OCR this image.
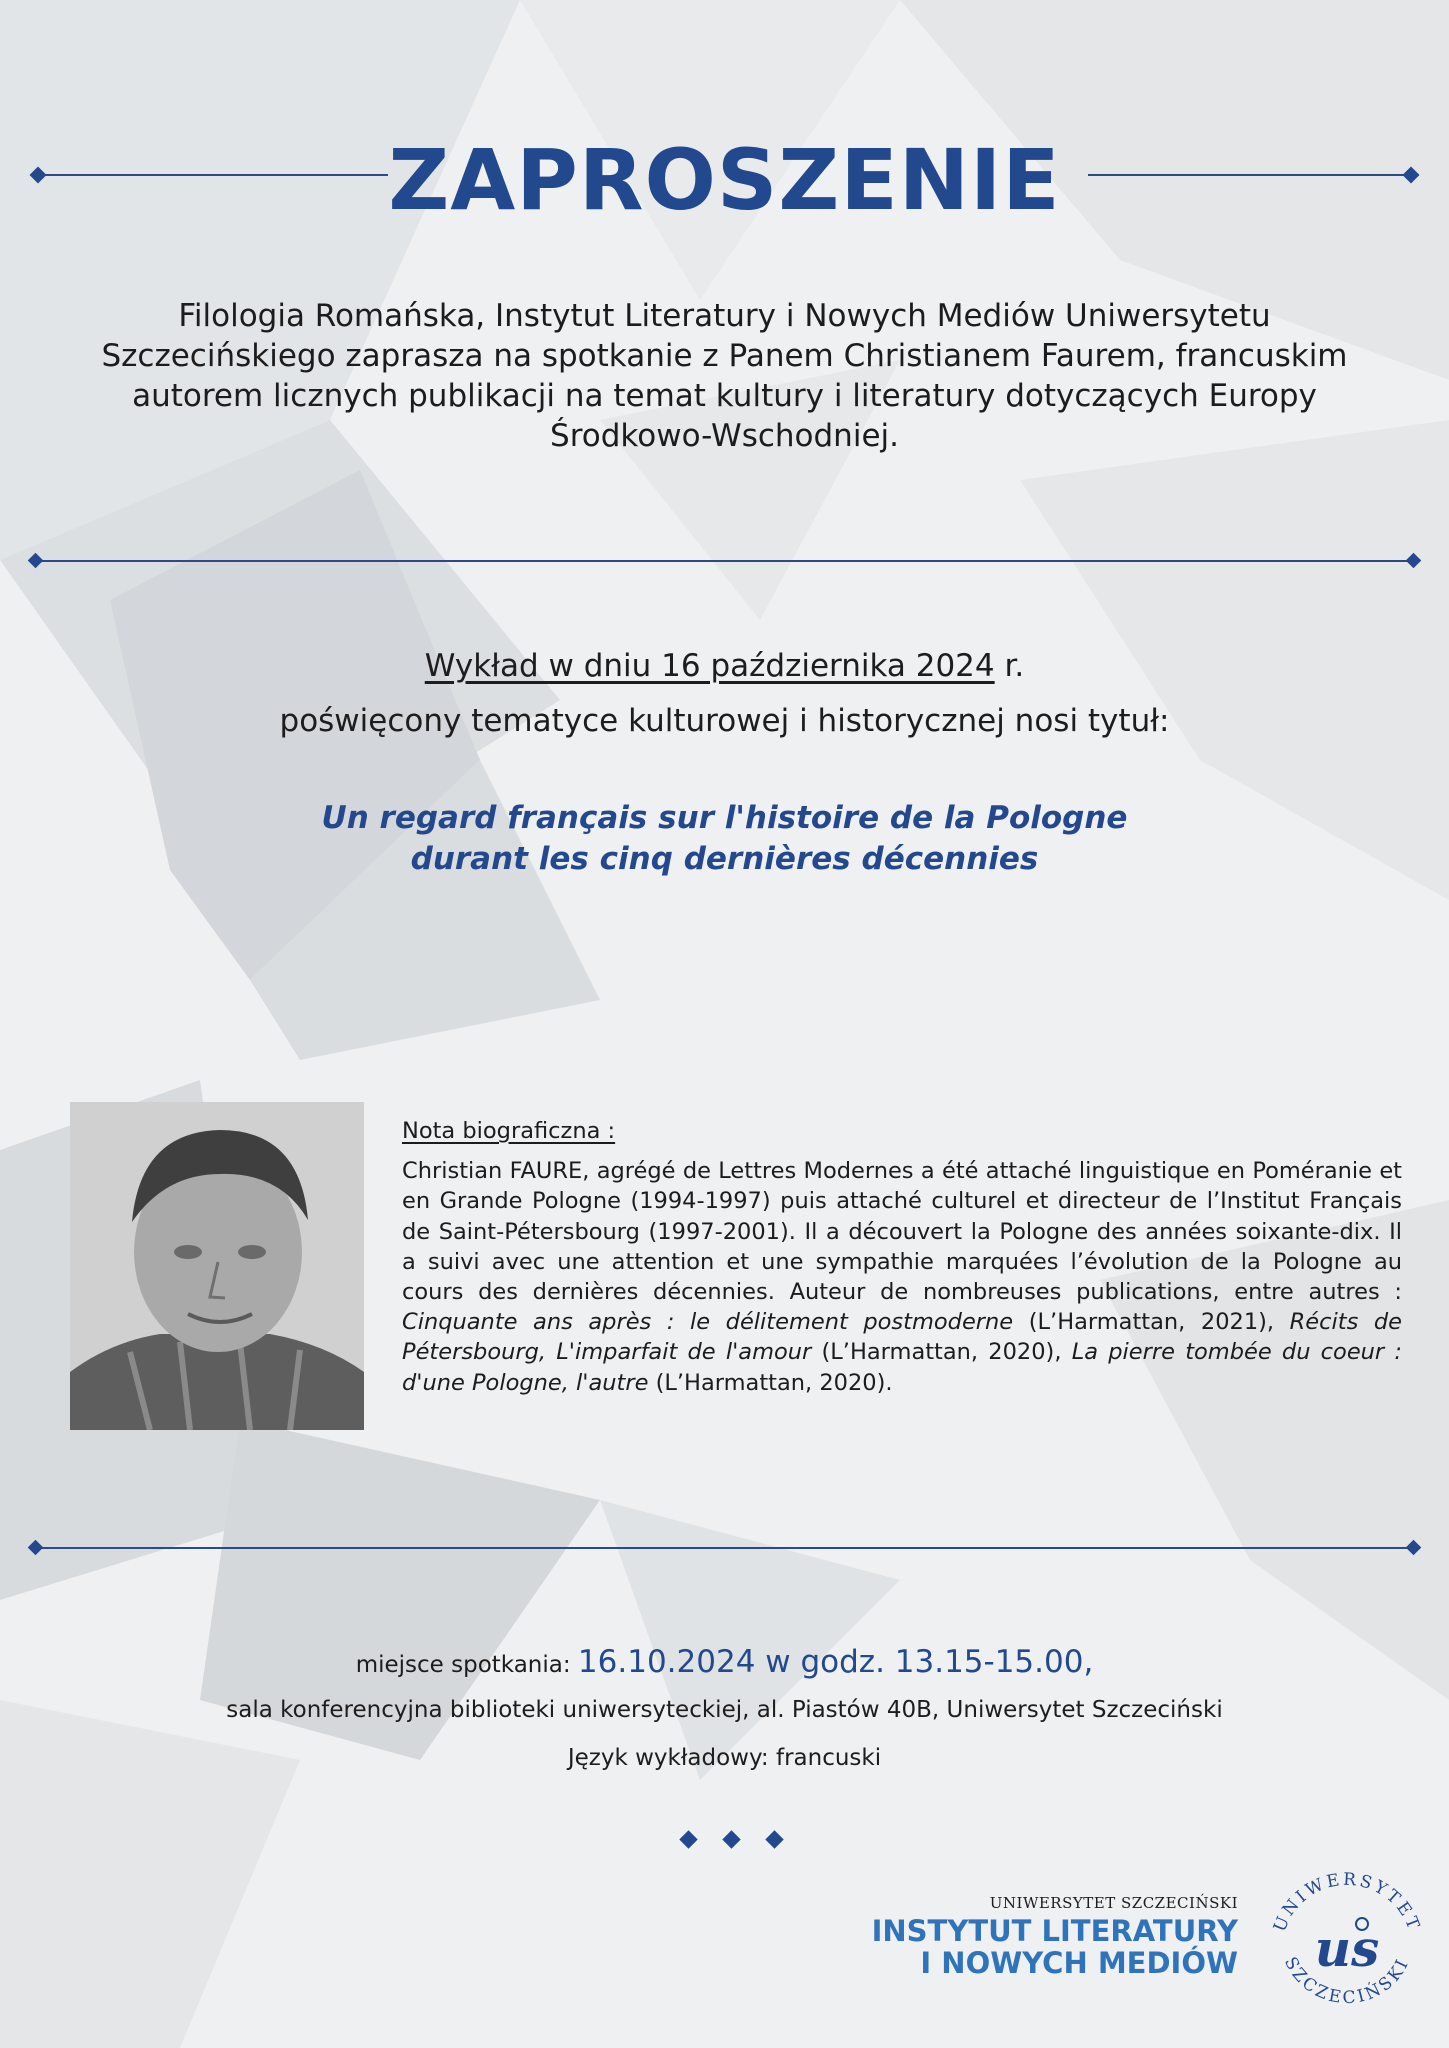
ZAPROSZENIE
Filologia Romańska, Instytut Literatury i Nowych Mediów Uniwersytetu Szczecińskiego zaprasza na spotkanie z Panem Christianem Faurem, francuskim autorem licznych publikacji na temat kultury i literatury dotyczących Europy Środkowo-Wschodniej.
Wykład w dniu 16 października 2024 r.
poświęcony tematyce kulturowej i historycznej nosi tytuł:
Un regard français sur l'histoire de la Pologne
durant les cinq dernières décennies
Nota biograficzna :
Christian FAURE, agrégé de Lettres Modernes a été attaché linguistique en Poméranie et en Grande Pologne (1994-1997) puis attaché culturel et directeur de l’Institut Français de Saint-Pétersbourg (1997-2001). Il a découvert la Pologne des années soixante-dix. Il a suivi avec une attention et une sympathie marquées l’évolution de la Pologne au cours des dernières décennies. Auteur de nombreuses publications, entre autres : Cinquante ans après : le délitement postmoderne (L’Harmattan, 2021), Récits de Pétersbourg, L'imparfait de l'amour (L’Harmattan, 2020), La pierre tombée du coeur : d'une Pologne, l'autre (L’Harmattan, 2020).
miejsce spotkania: 16.10.2024 w godz. 13.15-15.00,
sala konferencyjna biblioteki uniwersyteckiej, al. Piastów 40B, Uniwersytet Szczeciński
Język wykładowy: francuski
UNIWERSYTET SZCZECIŃSKI
INSTYTUT LITERATURY
I NOWYCH MEDIÓW
UNIWERSYTET
SZCZECIŃSKI
us
